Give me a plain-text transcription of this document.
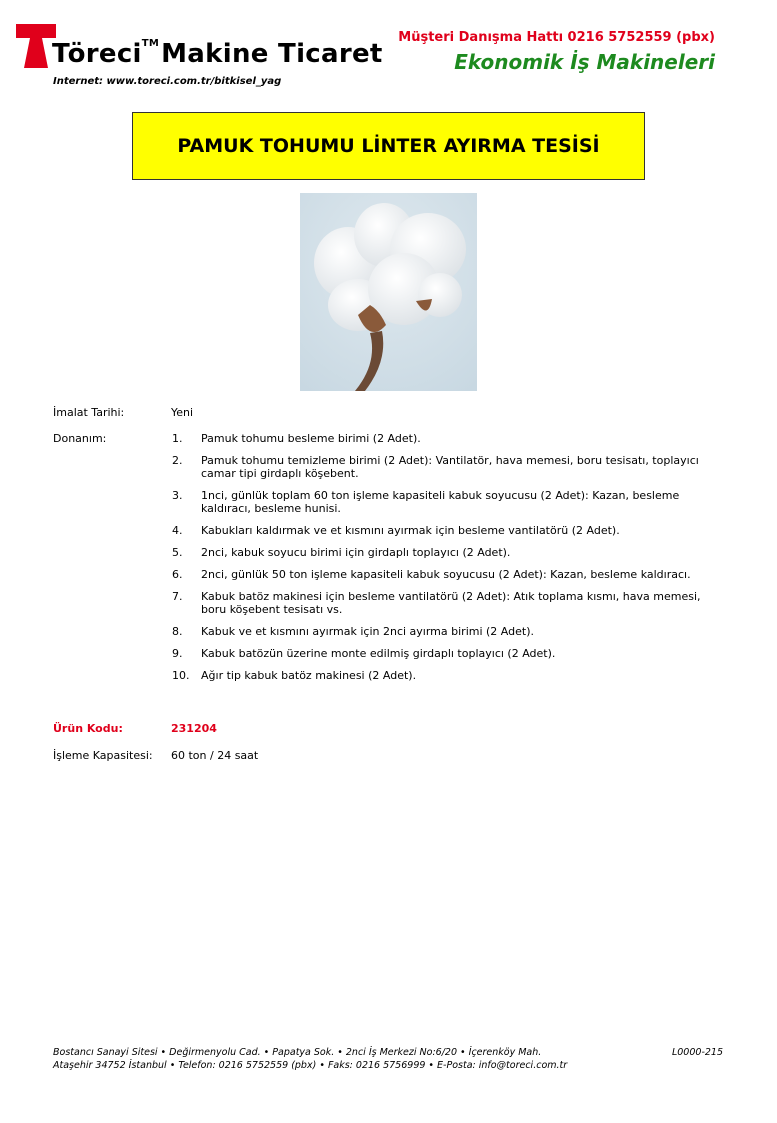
Töreci™Makine Ticaret
Internet: www.toreci.com.tr/bitkisel_yag
Müşteri Danışma Hattı 0216 5752559 (pbx)
Ekonomik İş Makineleri
PAMUK TOHUMU LİNTER AYIRMA TESİSİ
İmalat Tarihi:	Yeni
Donanım:	1. Pamuk tohumu besleme birimi (2 Adet).
2. Pamuk tohumu temizleme birimi (2 Adet): Vantilatör, hava memesi, boru tesisatı, toplayıcı camar tipi girdaplı köşebent.
3. 1nci, günlük toplam 60 ton işleme kapasiteli kabuk soyucusu (2 Adet): Kazan, besleme kaldıracı, besleme hunisi.
4. Kabukları kaldırmak ve et kısmını ayırmak için besleme vantilatörü (2 Adet).
5. 2nci, kabuk soyucu birimi için girdaplı toplayıcı (2 Adet).
6. 2nci, günlük 50 ton işleme kapasiteli kabuk soyucusu (2 Adet): Kazan, besleme kaldıracı.
7. Kabuk batöz makinesi için besleme vantilatörü (2 Adet): Atık toplama kısmı, hava memesi, boru köşebent tesisatı vs.
8. Kabuk ve et kısmını ayırmak için 2nci ayırma birimi (2 Adet).
9. Kabuk batözün üzerine monte edilmiş girdaplı toplayıcı (2 Adet).
10. Ağır tip kabuk batöz makinesi (2 Adet).
Ürün Kodu:	231204
İşleme Kapasitesi: 60 ton / 24 saat
Bostancı Sanayi Sitesi • Değirmenyolu Cad. • Papatya Sok. • 2nci İş Merkezi No:6/20 • İçerenköy Mah.
Ataşehir 34752 İstanbul • Telefon: 0216 5752559 (pbx) • Faks: 0216 5756999 • E-Posta: info@toreci.com.tr
L0000-215
